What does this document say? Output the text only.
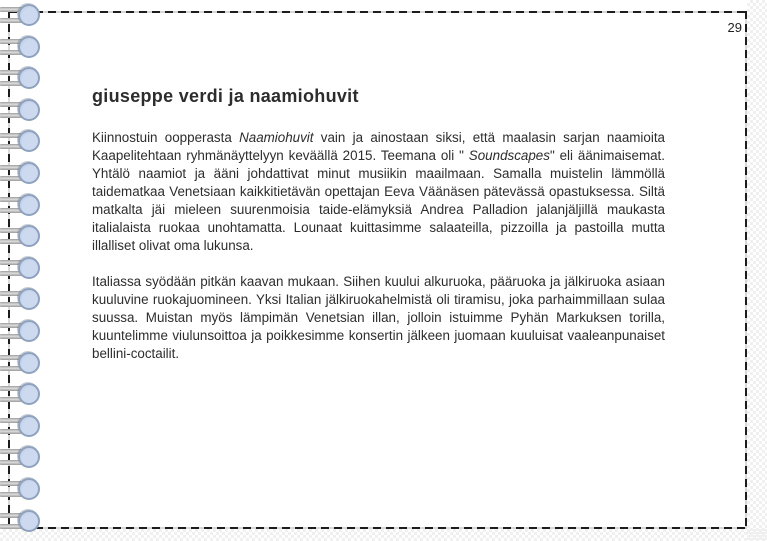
29
giuseppe verdi ja naamiohuvit

Kiinnostuin oopperasta Naamiohuvit vain ja ainostaan siksi, että maalasin sarjan naamioita Kaapelitehtaan ryhmänäyttelyyn keväällä 2015. Teemana oli " Soundscapes" eli äänimaisemat. Yhtälö naamiot ja ääni johdattivat minut musiikin maailmaan. Samalla muistelin lämmöllä taidematkaa Venetsiaan kaikkitietävän opettajan Eeva Väänäsen pätevässä opastuksessa. Siltä matkalta jäi mieleen suurenmoisia taide-elämyksiä Andrea Palladion jalanjäljillä maukasta italialaista ruokaa unohtamatta. Lounaat kuittasimme salaateilla, pizzoilla ja pastoilla mutta illalliset olivat oma lukunsa.

Italiassa syödään pitkän kaavan mukaan. Siihen kuului alkuruoka, pääruoka ja jälkiruoka asiaan kuuluvine ruokajuomineen. Yksi Italian jälkiruokahelmistä oli tiramisu, joka parhaimmillaan sulaa suussa. Muistan myös lämpimän Venetsian illan, jolloin istuimme Pyhän Markuksen torilla, kuuntelimme viulunsoittoa ja poikkesimme konsertin jälkeen juomaan kuuluisat vaaleanpunaiset bellini-coctailit.
